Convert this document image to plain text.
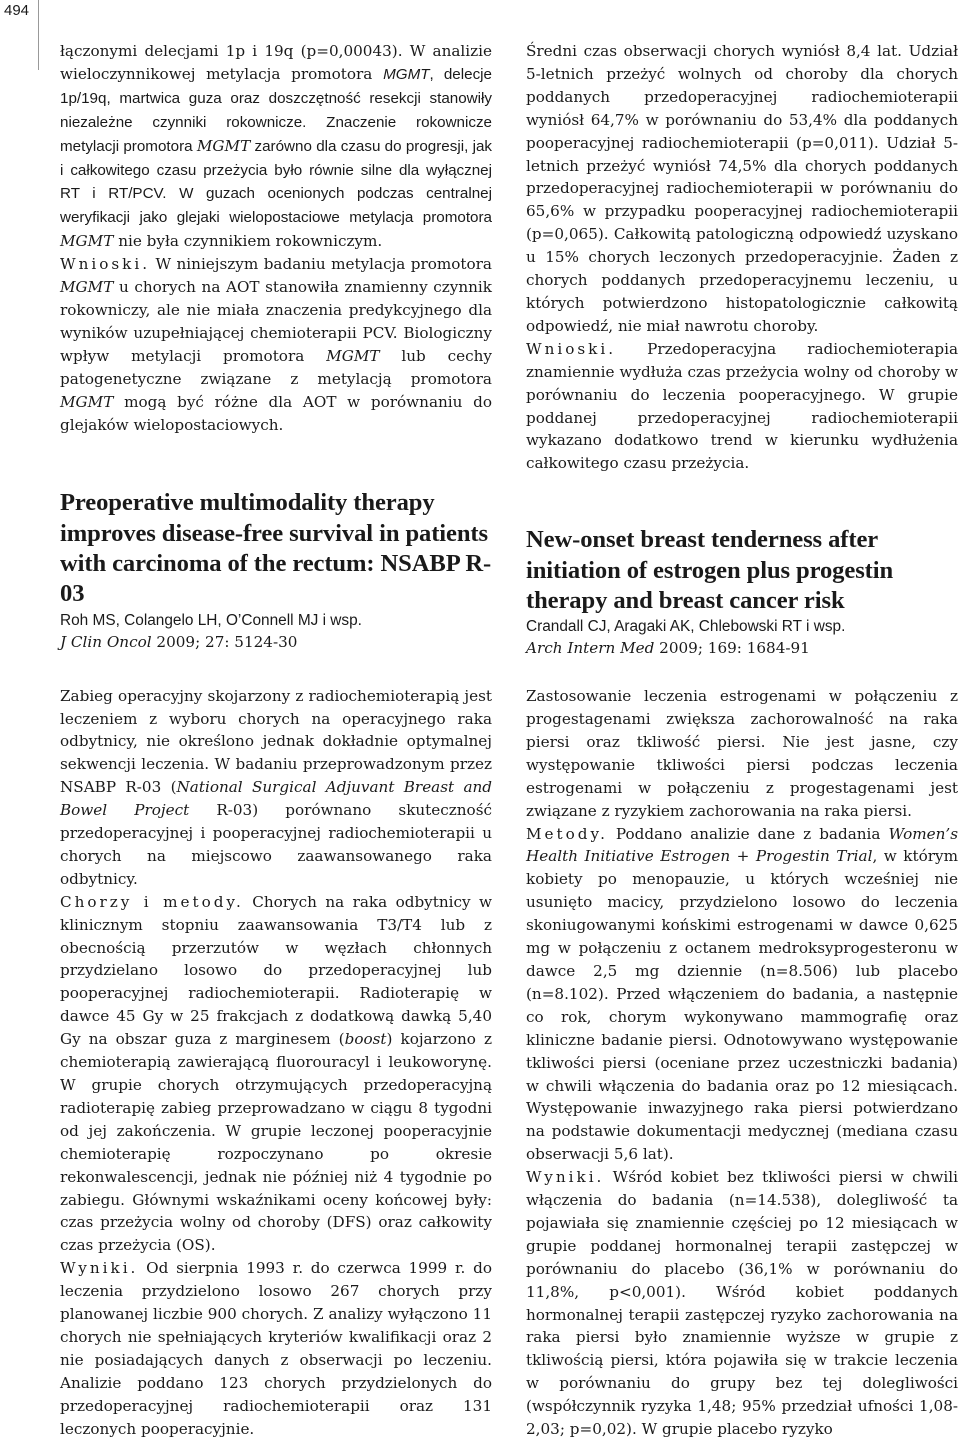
494

łączonymi delecjami 1p i 19q (p=0,00043). W analizie wieloczynnikowej metylacja promotora MGMT, delecje 1p/19q, martwica guza oraz doszczętność resekcji stanowiły niezależne czynniki rokownicze. Znaczenie rokownicze metylacji promotora MGMT zarówno dla czasu do progresji, jak i całkowitego czasu przeżycia było równie silne dla wyłącznej RT i RT/PCV. W guzach ocenionych podczas centralnej weryfikacji jako glejaki wielopostaciowe metylacja promotora MGMT nie była czynnikiem rokowniczym.

Wnioski. W niniejszym badaniu metylacja promotora MGMT u chorych na AOT stanowiła znamienny czynnik rokowniczy, ale nie miała znaczenia predykcyjnego dla wyników uzupełniającej chemioterapii PCV. Biologiczny wpływ metylacji promotora MGMT lub cechy patogenetyczne związane z metylacją promotora MGMT mogą być różne dla AOT w porównaniu do glejaków wielopostaciowych.

Preoperative multimodality therapy improves disease-free survival in patients with carcinoma of the rectum: NSABP R-03
Roh MS, Colangelo LH, O’Connell MJ i wsp.
J Clin Oncol 2009; 27: 5124-30

Zabieg operacyjny skojarzony z radiochemioterapią jest leczeniem z wyboru chorych na operacyjnego raka odbytnicy, nie określono jednak dokładnie optymalnej sekwencji leczenia. W badaniu przeprowadzonym przez NSABP R-03 (National Surgical Adjuvant Breast and Bowel Project R-03) porównano skuteczność przedoperacyjnej i pooperacyjnej radiochemioterapii u chorych na miejscowo zaawansowanego raka odbytnicy.

Chorzy i metody. Chorych na raka odbytnicy w klinicznym stopniu zaawansowania T3/T4 lub z obecnością przerzutów w węzłach chłonnych przydzielano losowo do przedoperacyjnej lub pooperacyjnej radiochemioterapii. Radioterapię w dawce 45 Gy w 25 frakcjach z dodatkową dawką 5,40 Gy na obszar guza z marginesem (boost) kojarzono z chemioterapią zawierającą fluorouracyl i leukoworynę. W grupie chorych otrzymujących przedoperacyjną radioterapię zabieg przeprowadzano w ciągu 8 tygodni od jej zakończenia. W grupie leczonej pooperacyjnie chemioterapię rozpoczynano po okresie rekonwalescencji, jednak nie później niż 4 tygodnie po zabiegu. Głównymi wskaźnikami oceny końcowej były: czas przeżycia wolny od choroby (DFS) oraz całkowity czas przeżycia (OS).

Wyniki. Od sierpnia 1993 r. do czerwca 1999 r. do leczenia przydzielono losowo 267 chorych przy planowanej liczbie 900 chorych. Z analizy wyłączono 11 chorych nie spełniających kryteriów kwalifikacji oraz 2 nie posiadających danych z obserwacji po leczeniu. Analizie poddano 123 chorych przydzielonych do przedoperacyjnej radiochemioterapii oraz 131 leczonych pooperacyjnie.

Średni czas obserwacji chorych wyniósł 8,4 lat. Udział 5-letnich przeżyć wolnych od choroby dla chorych poddanych przedoperacyjnej radiochemioterapii wyniósł 64,7% w porównaniu do 53,4% dla poddanych pooperacyjnej radiochemioterapii (p=0,011). Udział 5-letnich przeżyć wyniósł 74,5% dla chorych poddanych przedoperacyjnej radiochemioterapii w porównaniu do 65,6% w przypadku pooperacyjnej radiochemioterapii (p=0,065). Całkowitą patologiczną odpowiedź uzyskano u 15% chorych leczonych przedoperacyjnie. Żaden z chorych poddanych przedoperacyjnemu leczeniu, u których potwierdzono histopatologicznie całkowitą odpowiedź, nie miał nawrotu choroby.

Wnioski. Przedoperacyjna radiochemioterapia znamiennie wydłuża czas przeżycia wolny od choroby w porównaniu do leczenia pooperacyjnego. W grupie poddanej przedoperacyjnej radiochemioterapii wykazano dodatkowo trend w kierunku wydłużenia całkowitego czasu przeżycia.

New-onset breast tenderness after initiation of estrogen plus progestin therapy and breast cancer risk
Crandall CJ, Aragaki AK, Chlebowski RT i wsp.
Arch Intern Med 2009; 169: 1684-91

Zastosowanie leczenia estrogenami w połączeniu z progestagenami zwiększa zachorowalność na raka piersi oraz tkliwość piersi. Nie jest jasne, czy występowanie tkliwości piersi podczas leczenia estrogenami w połączeniu z progestagenami jest związane z ryzykiem zachorowania na raka piersi.

Metody. Poddano analizie dane z badania Women’s Health Initiative Estrogen + Progestin Trial, w którym kobiety po menopauzie, u których wcześniej nie usunięto macicy, przydzielono losowo do leczenia skoniugowanymi końskimi estrogenami w dawce 0,625 mg w połączeniu z octanem medroksyprogesteronu w dawce 2,5 mg dziennie (n=8.506) lub placebo (n=8.102). Przed włączeniem do badania, a następnie co rok, chorym wykonywano mammografię oraz kliniczne badanie piersi. Odnotowywano występowanie tkliwości piersi (oceniane przez uczestniczki badania) w chwili włączenia do badania oraz po 12 miesiącach. Występowanie inwazyjnego raka piersi potwierdzano na podstawie dokumentacji medycznej (mediana czasu obserwacji 5,6 lat).

Wyniki. Wśród kobiet bez tkliwości piersi w chwili włączenia do badania (n=14.538), dolegliwość ta pojawiała się znamiennie częściej po 12 miesiącach w grupie poddanej hormonalnej terapii zastępczej w porównaniu do placebo (36,1% w porównaniu do 11,8%, p<0,001). Wśród kobiet poddanych hormonalnej terapii zastępczej ryzyko zachorowania na raka piersi było znamiennie wyższe w grupie z tkliwością piersi, która pojawiła się w trakcie leczenia w porównaniu do grupy bez tej dolegliwości (współczynnik ryzyka 1,48; 95% przedział ufności 1,08-2,03; p=0,02). W grupie placebo ryzyko
